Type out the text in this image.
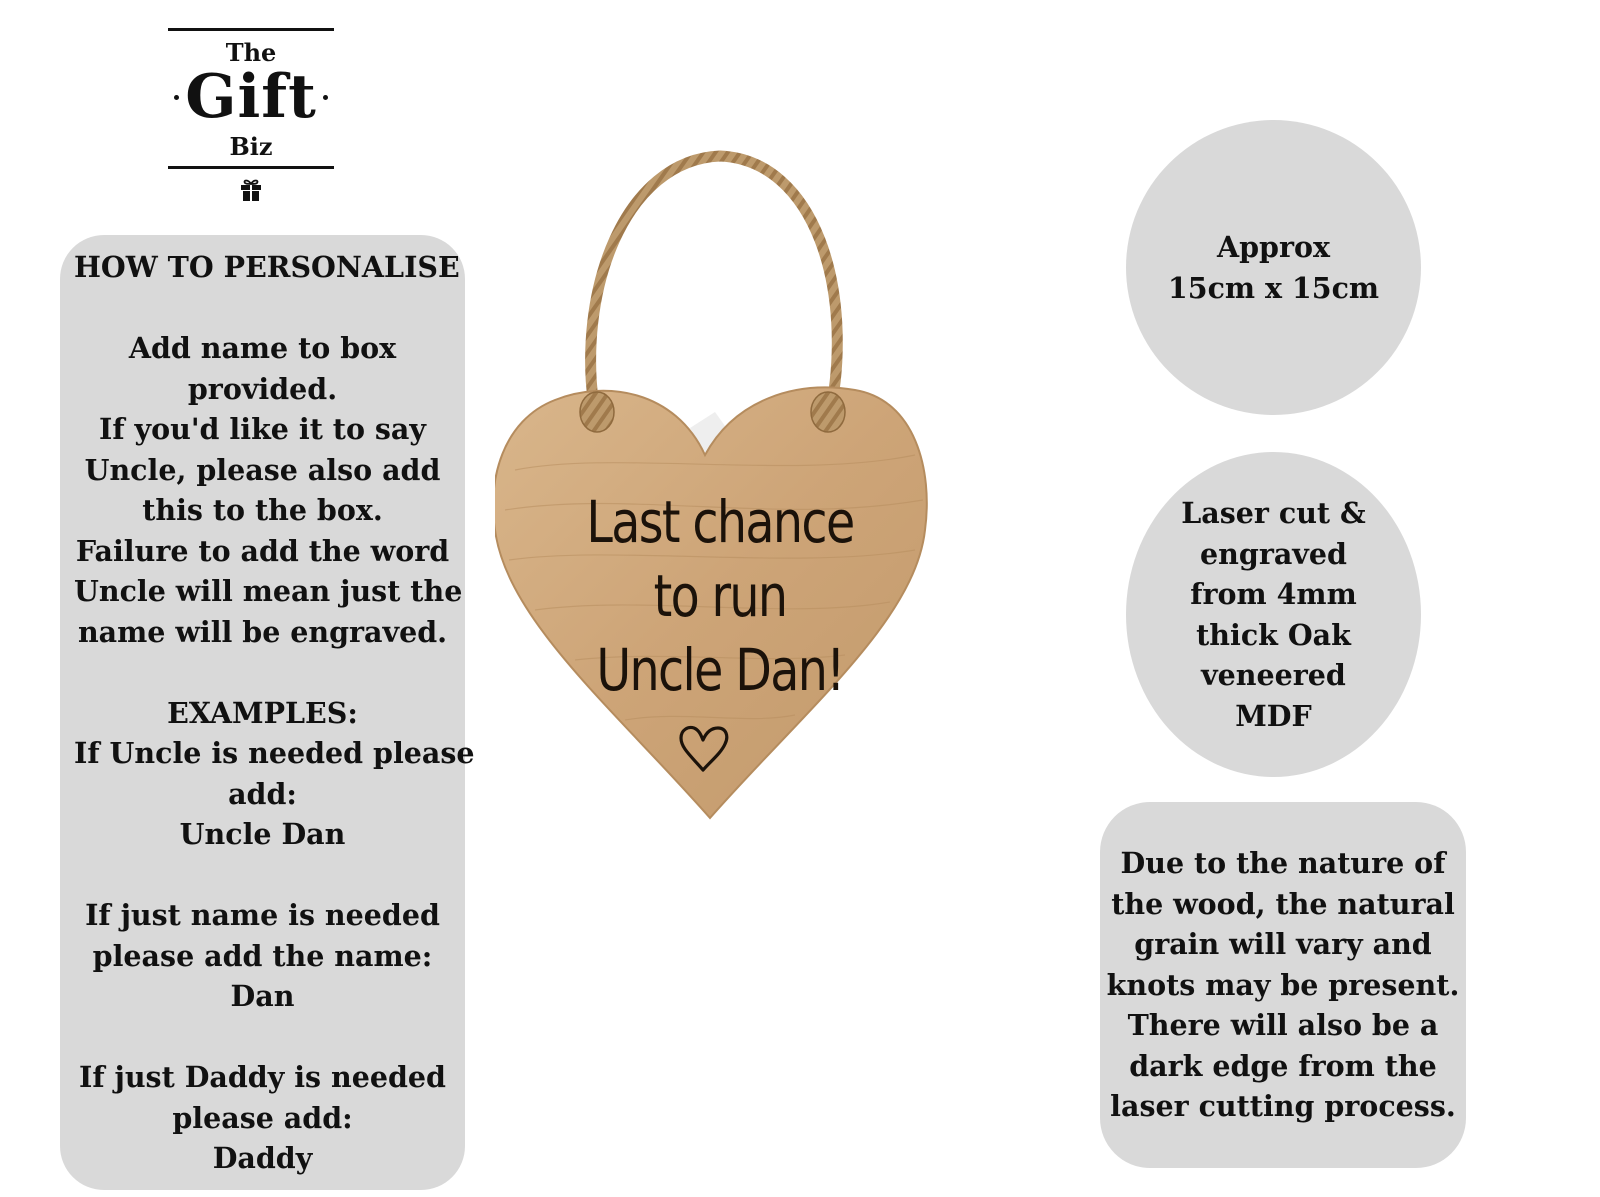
The
Gift
Biz
HOW TO PERSONALISE
Add name to box
provided.
If you'd like it to say
Uncle, please also add
this to the box.
Failure to add the word
Uncle will mean just the
name will be engraved.
EXAMPLES:
If Uncle is needed please
add:
Uncle Dan
If just name is needed
please add the name:
Dan
If just Daddy is needed
please add:
Daddy
Last chance
to run
Uncle Dan!
Approx
15cm x 15cm
Laser cut &
engraved
from 4mm
thick Oak
veneered
MDF
Due to the nature of
the wood, the natural
grain will vary and
knots may be present.
There will also be a
dark edge from the
laser cutting process.
